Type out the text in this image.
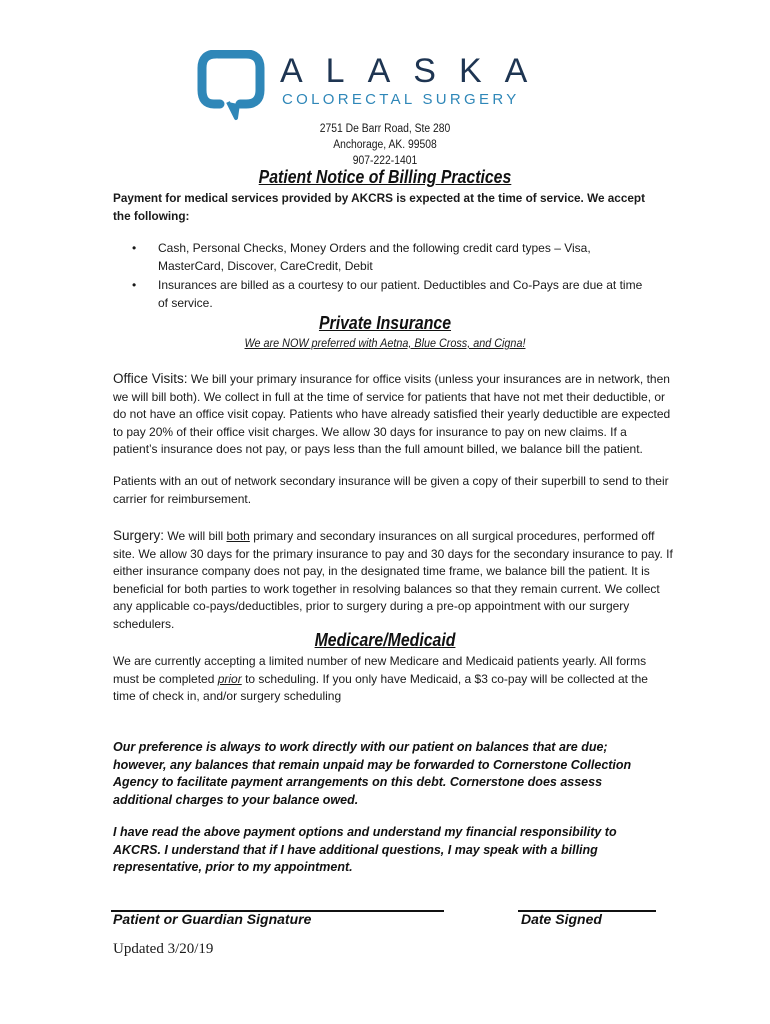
ALASKA
COLORECTAL SURGERY
2751 De Barr Road, Ste 280
Anchorage, AK. 99508
907-222-1401
Patient Notice of Billing Practices
Payment for medical services provided by AKCRS is expected at the time of service. We accept the following:
• Cash, Personal Checks, Money Orders and the following credit card types – Visa, MasterCard, Discover, CareCredit, Debit
• Insurances are billed as a courtesy to our patient. Deductibles and Co-Pays are due at time of service.
Private Insurance
We are NOW preferred with Aetna, Blue Cross, and Cigna!
Office Visits: We bill your primary insurance for office visits (unless your insurances are in network, then we will bill both). We collect in full at the time of service for patients that have not met their deductible, or do not have an office visit copay. Patients who have already satisfied their yearly deductible are expected to pay 20% of their office visit charges. We allow 30 days for insurance to pay on new claims. If a patient’s insurance does not pay, or pays less than the full amount billed, we balance bill the patient.
Patients with an out of network secondary insurance will be given a copy of their superbill to send to their carrier for reimbursement.
Surgery: We will bill both primary and secondary insurances on all surgical procedures, performed off site. We allow 30 days for the primary insurance to pay and 30 days for the secondary insurance to pay. If either insurance company does not pay, in the designated time frame, we balance bill the patient. It is beneficial for both parties to work together in resolving balances so that they remain current. We collect any applicable co-pays/deductibles, prior to surgery during a pre-op appointment with our surgery schedulers.
Medicare/Medicaid
We are currently accepting a limited number of new Medicare and Medicaid patients yearly. All forms must be completed prior to scheduling. If you only have Medicaid, a $3 co-pay will be collected at the time of check in, and/or surgery scheduling
Our preference is always to work directly with our patient on balances that are due; however, any balances that remain unpaid may be forwarded to Cornerstone Collection Agency to facilitate payment arrangements on this debt. Cornerstone does assess additional charges to your balance owed.
I have read the above payment options and understand my financial responsibility to AKCRS. I understand that if I have additional questions, I may speak with a billing representative, prior to my appointment.
Patient or Guardian Signature	Date Signed
Updated 3/20/19
